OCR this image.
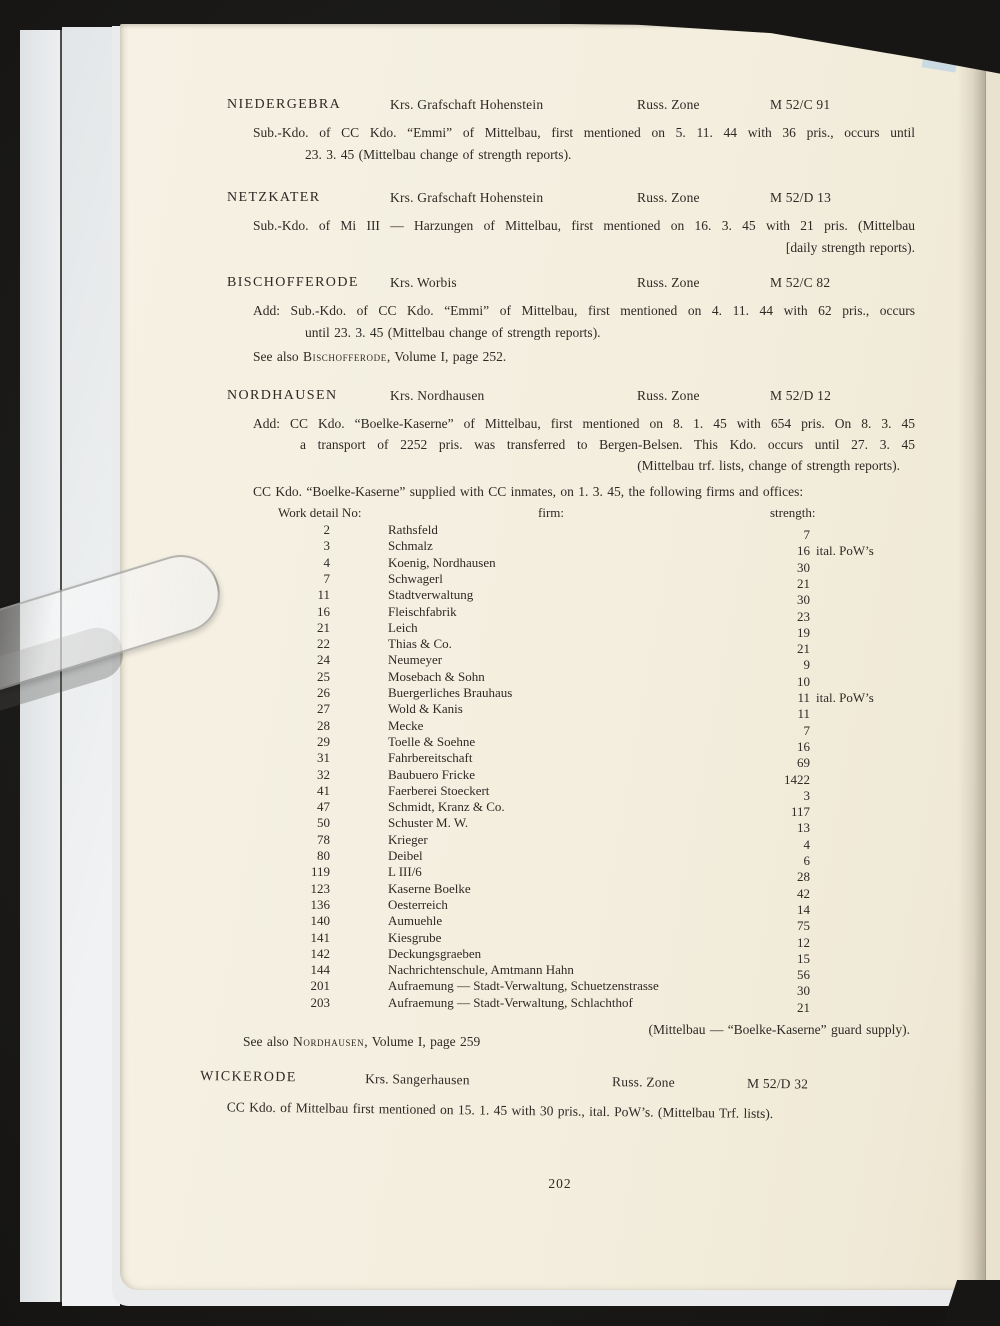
NIEDERGEBRA	Krs. Grafschaft Hohenstein	Russ. Zone	M 52/C 91
Sub.-Kdo. of CC Kdo. “Emmi” of Mittelbau, first mentioned on 5. 11. 44 with 36 pris., occurs until
23. 3. 45 (Mittelbau change of strength reports).
NETZKATER	Krs. Grafschaft Hohenstein	Russ. Zone	M 52/D 13
Sub.-Kdo. of Mi III — Harzungen of Mittelbau, first mentioned on 16. 3. 45 with 21 pris. (Mittelbau
[daily strength reports).
BISCHOFFERODE Krs. Worbis	Russ. Zone	M 52/C 82
Add: Sub.-Kdo. of CC Kdo. “Emmi” of Mittelbau, first mentioned on 4. 11. 44 with 62 pris., occurs
until 23. 3. 45 (Mittelbau change of strength reports).
See also Bischofferode, Volume I, page 252.
NORDHAUSEN	Krs. Nordhausen	Russ. Zone	M 52/D 12
Add: CC Kdo. “Boelke-Kaserne” of Mittelbau, first mentioned on 8. 1. 45 with 654 pris. On 8. 3. 45
a transport of 2252 pris. was transferred to Bergen-Belsen. This Kdo. occurs until 27. 3. 45
(Mittelbau trf. lists, change of strength reports).
CC Kdo. “Boelke-Kaserne” supplied with CC inmates, on 1. 3. 45, the following firms and offices:
Work detail No:	firm:	strength:
2	Rathsfeld	7
3	Schmalz	16 ital. PoW’s
4	Koenig, Nordhausen	30
7	Schwagerl	21
11	Stadtverwaltung	30
16	Fleischfabrik	23
21	Leich	19
22	Thias & Co.	21
24	Neumeyer	9
25	Mosebach & Sohn	10
26	Buergerliches Brauhaus	11 ital. PoW’s
27	Wold & Kanis	11
28	Mecke	7
29	Toelle & Soehne	16
31	Fahrbereitschaft	69
32	Baubuero Fricke	1422
41	Faerberei Stoeckert	3
47	Schmidt, Kranz & Co.	117
50	Schuster M. W.	13
78	Krieger	4
80	Deibel	6
119	L III/6	28
123	Kaserne Boelke	42
136	Oesterreich	14
140	Aumuehle	75
141	Kiesgrube	12
142	Deckungsgraeben	15
144	Nachrichtenschule, Amtmann Hahn	56
201	Aufraemung — Stadt-Verwaltung, Schuetzenstrasse	30
203	Aufraemung — Stadt-Verwaltung, Schlachthof	21
(Mittelbau — “Boelke-Kaserne” guard supply).
See also Nordhausen, Volume I, page 259
WICKERODE	Krs. Sangerhausen	Russ. Zone	M 52/D 32
CC Kdo. of Mittelbau first mentioned on 15. 1. 45 with 30 pris., ital. PoW’s. (Mittelbau Trf. lists).
202
